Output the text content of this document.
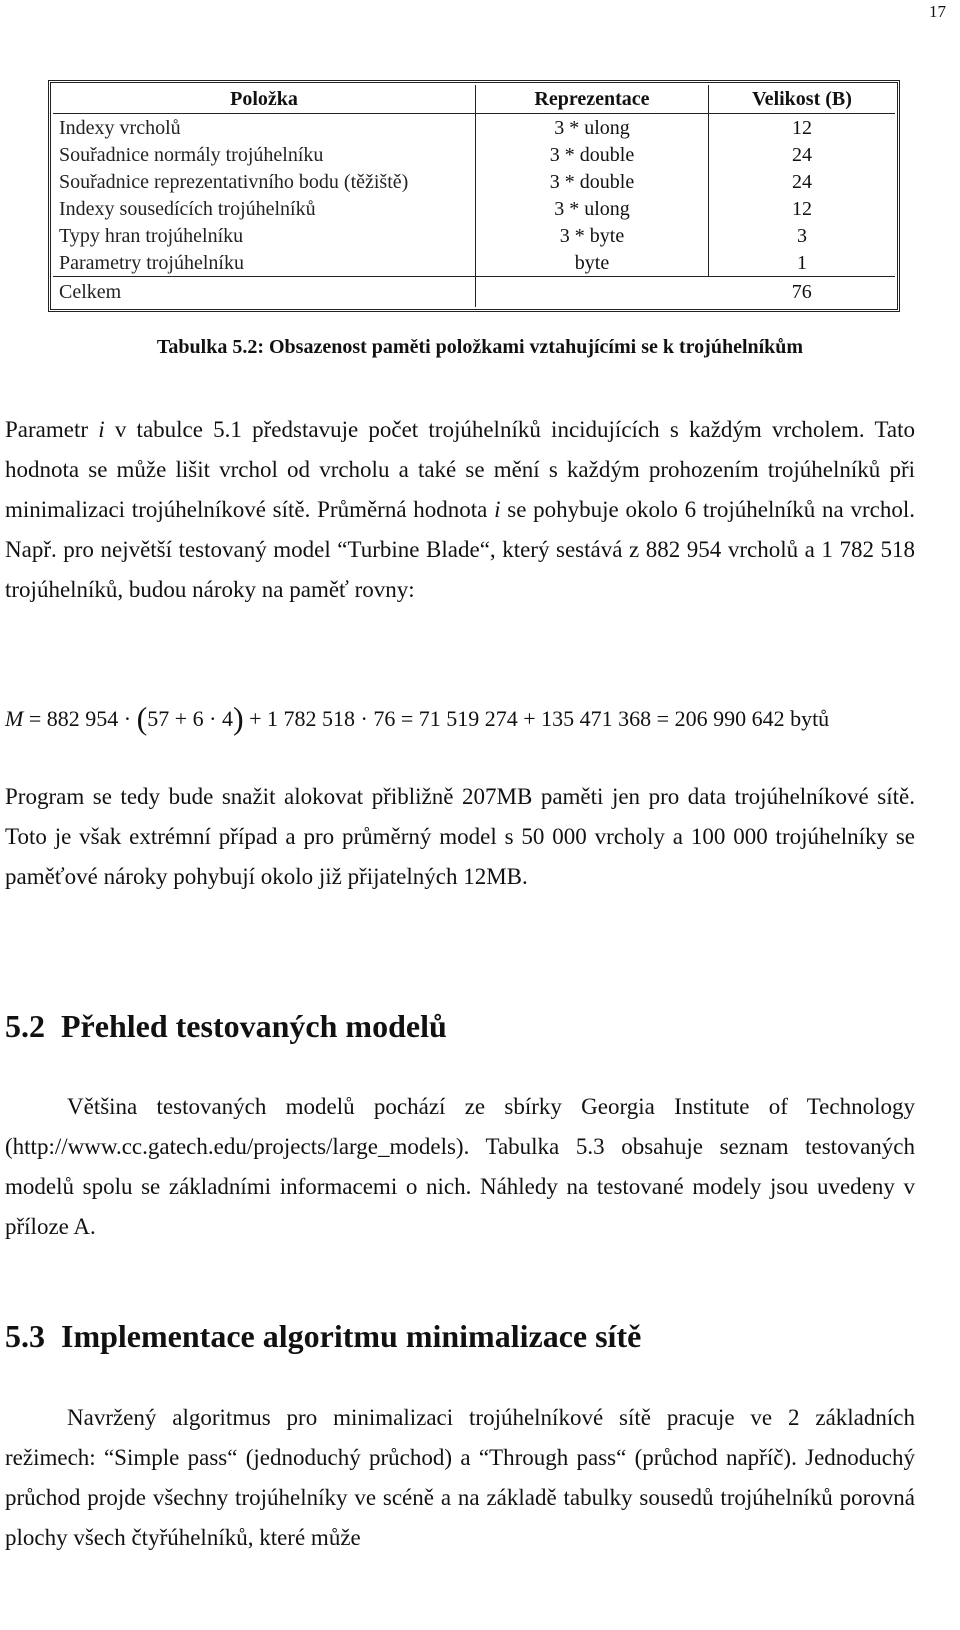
17
Položka	Reprezentace	Velikost (B)
Indexy vrcholů	3 * ulong	12
Souřadnice normály trojúhelníku	3 * double	24
Souřadnice reprezentativního bodu (těžiště)	3 * double	24
Indexy sousedících trojúhelníků	3 * ulong	12
Typy hran trojúhelníku	3 * byte	3
Parametry trojúhelníku	byte	1
Celkem		76
Tabulka 5.2: Obsazenost paměti položkami vztahujícími se k trojúhelníkům

Parametr i v tabulce 5.1 představuje počet trojúhelníků incidujících s každým vrcholem. Tato hodnota se může lišit vrchol od vrcholu a také se mění s každým prohozením trojúhelníků při minimalizaci trojúhelníkové sítě. Průměrná hodnota i se pohybuje okolo 6 trojúhelníků na vrchol. Např. pro největší testovaný model “Turbine Blade“, který sestává z 882 954 vrcholů a 1 782 518 trojúhelníků, budou nároky na paměť rovny:

M = 882 954 · (57 + 6 · 4) + 1 782 518 · 76 = 71 519 274 + 135 471 368 = 206 990 642 bytů

Program se tedy bude snažit alokovat přibližně 207MB paměti jen pro data trojúhelníkové sítě. Toto je však extrémní případ a pro průměrný model s 50 000 vrcholy a 100 000 trojúhelníky se paměťové nároky pohybují okolo již přijatelných 12MB.

5.2 Přehled testovaných modelů

Většina testovaných modelů pochází ze sbírky Georgia Institute of Technology (http://www.cc.gatech.edu/projects/large_models). Tabulka 5.3 obsahuje seznam testovaných modelů spolu se základními informacemi o nich. Náhledy na testované modely jsou uvedeny v příloze A.

5.3 Implementace algoritmu minimalizace sítě

Navržený algoritmus pro minimalizaci trojúhelníkové sítě pracuje ve 2 základních režimech: “Simple pass“ (jednoduchý průchod) a “Through pass“ (průchod napříč). Jednoduchý průchod projde všechny trojúhelníky ve scéně a na základě tabulky sousedů trojúhelníků porovná plochy všech čtyřúhelníků, které může
